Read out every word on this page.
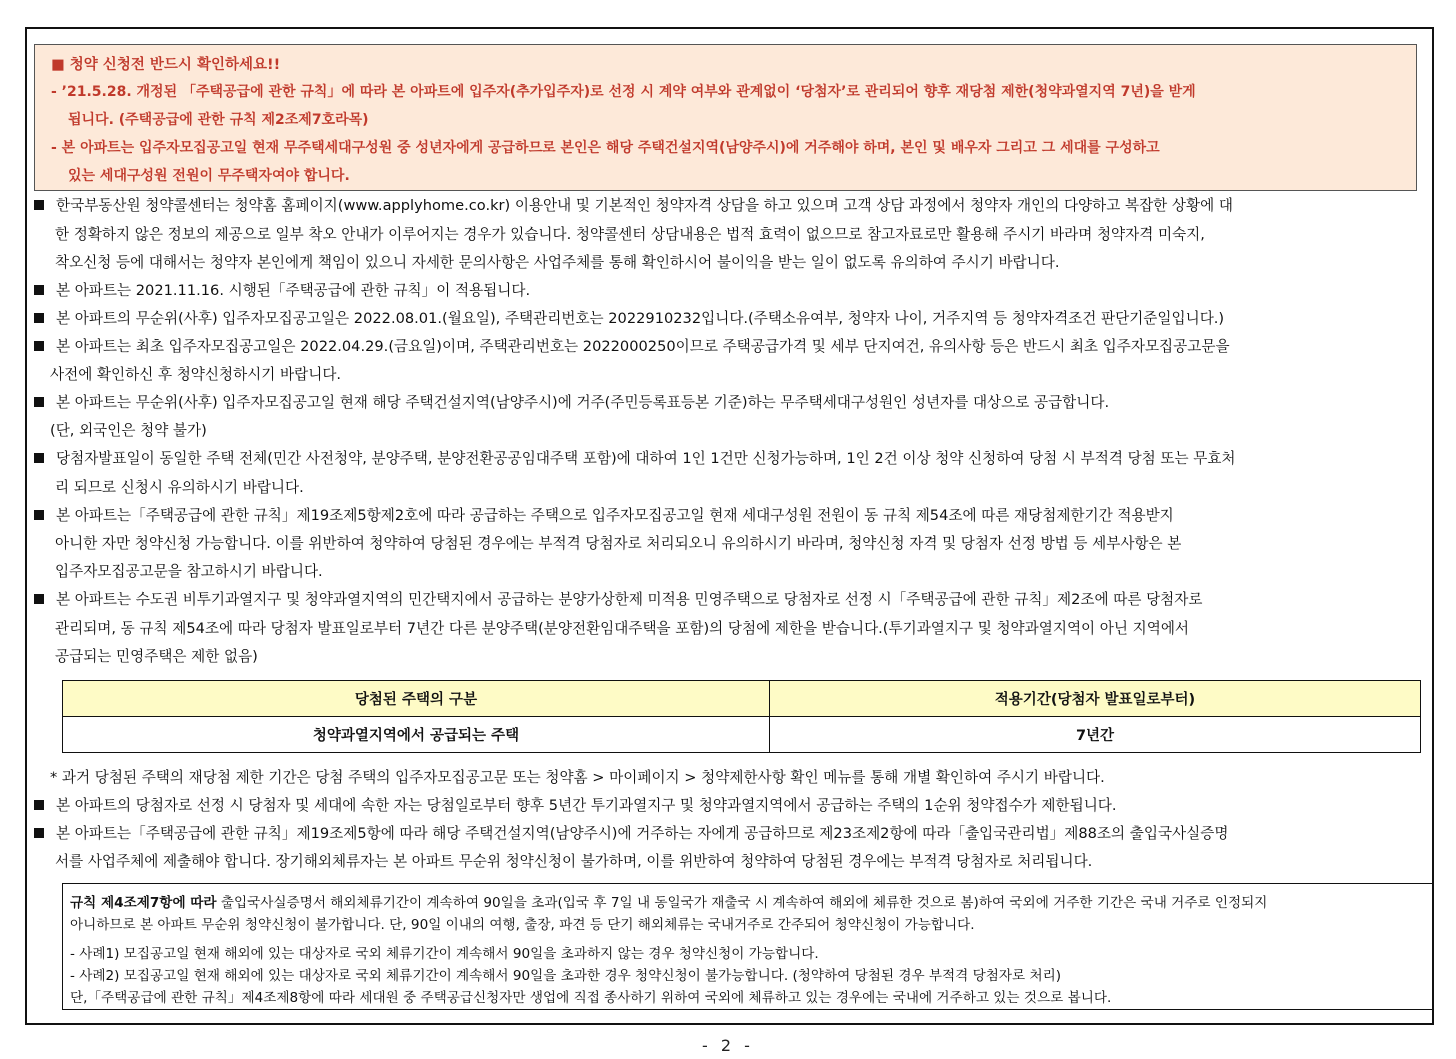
■ 청약 신청전 반드시 확인하세요!!
- ’21.5.28. 개정된 「주택공급에 관한 규칙」에 따라 본 아파트에 입주자(추가입주자)로 선정 시 계약 여부와 관계없이 ‘당첨자’로 관리되어 향후 재당첨 제한(청약과열지역 7년)을 받게
됩니다. (주택공급에 관한 규칙 제2조제7호라목)
- 본 아파트는 입주자모집공고일 현재 무주택세대구성원 중 성년자에게 공급하므로 본인은 해당 주택건설지역(남양주시)에 거주해야 하며, 본인 및 배우자 그리고 그 세대를 구성하고
있는 세대구성원 전원이 무주택자여야 합니다.
한국부동산원 청약콜센터는 청약홈 홈페이지(www.applyhome.co.kr) 이용안내 및 기본적인 청약자격 상담을 하고 있으며 고객 상담 과정에서 청약자 개인의 다양하고 복잡한 상황에 대
한 정확하지 않은 정보의 제공으로 일부 착오 안내가 이루어지는 경우가 있습니다. 청약콜센터 상담내용은 법적 효력이 없으므로 참고자료로만 활용해 주시기 바라며 청약자격 미숙지,
착오신청 등에 대해서는 청약자 본인에게 책임이 있으니 자세한 문의사항은 사업주체를 통해 확인하시어 불이익을 받는 일이 없도록 유의하여 주시기 바랍니다.
본 아파트는 2021.11.16. 시행된「주택공급에 관한 규칙」이 적용됩니다.
본 아파트의 무순위(사후) 입주자모집공고일은 2022.08.01.(월요일), 주택관리번호는 2022910232입니다.(주택소유여부, 청약자 나이, 거주지역 등 청약자격조건 판단기준일입니다.)
본 아파트는 최초 입주자모집공고일은 2022.04.29.(금요일)이며, 주택관리번호는 2022000250이므로 주택공급가격 및 세부 단지여건, 유의사항 등은 반드시 최초 입주자모집공고문을
사전에 확인하신 후 청약신청하시기 바랍니다.
본 아파트는 무순위(사후) 입주자모집공고일 현재 해당 주택건설지역(남양주시)에 거주(주민등록표등본 기준)하는 무주택세대구성원인 성년자를 대상으로 공급합니다.
(단, 외국인은 청약 불가)
당첨자발표일이 동일한 주택 전체(민간 사전청약, 분양주택, 분양전환공공임대주택 포함)에 대하여 1인 1건만 신청가능하며, 1인 2건 이상 청약 신청하여 당첨 시 부적격 당첨 또는 무효처
리 되므로 신청시 유의하시기 바랍니다.
본 아파트는「주택공급에 관한 규칙」제19조제5항제2호에 따라 공급하는 주택으로 입주자모집공고일 현재 세대구성원 전원이 동 규칙 제54조에 따른 재당첨제한기간 적용받지
아니한 자만 청약신청 가능합니다. 이를 위반하여 청약하여 당첨된 경우에는 부적격 당첨자로 처리되오니 유의하시기 바라며, 청약신청 자격 및 당첨자 선정 방법 등 세부사항은 본
입주자모집공고문을 참고하시기 바랍니다.
본 아파트는 수도권 비투기과열지구 및 청약과열지역의 민간택지에서 공급하는 분양가상한제 미적용 민영주택으로 당첨자로 선정 시「주택공급에 관한 규칙」제2조에 따른 당첨자로
관리되며, 동 규칙 제54조에 따라 당첨자 발표일로부터 7년간 다른 분양주택(분양전환임대주택을 포함)의 당첨에 제한을 받습니다.(투기과열지구 및 청약과열지역이 아닌 지역에서
공급되는 민영주택은 제한 없음)
당첨된 주택의 구분	적용기간(당첨자 발표일로부터)
청약과열지역에서 공급되는 주택	7년간
* 과거 당첨된 주택의 재당첨 제한 기간은 당첨 주택의 입주자모집공고문 또는 청약홈 > 마이페이지 > 청약제한사항 확인 메뉴를 통해 개별 확인하여 주시기 바랍니다.
본 아파트의 당첨자로 선정 시 당첨자 및 세대에 속한 자는 당첨일로부터 향후 5년간 투기과열지구 및 청약과열지역에서 공급하는 주택의 1순위 청약접수가 제한됩니다.
본 아파트는「주택공급에 관한 규칙」제19조제5항에 따라 해당 주택건설지역(남양주시)에 거주하는 자에게 공급하므로 제23조제2항에 따라「출입국관리법」제88조의 출입국사실증명
서를 사업주체에 제출해야 합니다. 장기해외체류자는 본 아파트 무순위 청약신청이 불가하며, 이를 위반하여 청약하여 당첨된 경우에는 부적격 당첨자로 처리됩니다.
규칙 제4조제7항에 따라 출입국사실증명서 해외체류기간이 계속하여 90일을 초과(입국 후 7일 내 동일국가 재출국 시 계속하여 해외에 체류한 것으로 봄)하여 국외에 거주한 기간은 국내 거주로 인정되지
아니하므로 본 아파트 무순위 청약신청이 불가합니다. 단, 90일 이내의 여행, 출장, 파견 등 단기 해외체류는 국내거주로 간주되어 청약신청이 가능합니다.
- 사례1) 모집공고일 현재 해외에 있는 대상자로 국외 체류기간이 계속해서 90일을 초과하지 않는 경우 청약신청이 가능합니다.
- 사례2) 모집공고일 현재 해외에 있는 대상자로 국외 체류기간이 계속해서 90일을 초과한 경우 청약신청이 불가능합니다. (청약하여 당첨된 경우 부적격 당첨자로 처리)
단,「주택공급에 관한 규칙」제4조제8항에 따라 세대원 중 주택공급신청자만 생업에 직접 종사하기 위하여 국외에 체류하고 있는 경우에는 국내에 거주하고 있는 것으로 봅니다.
- 2 -
